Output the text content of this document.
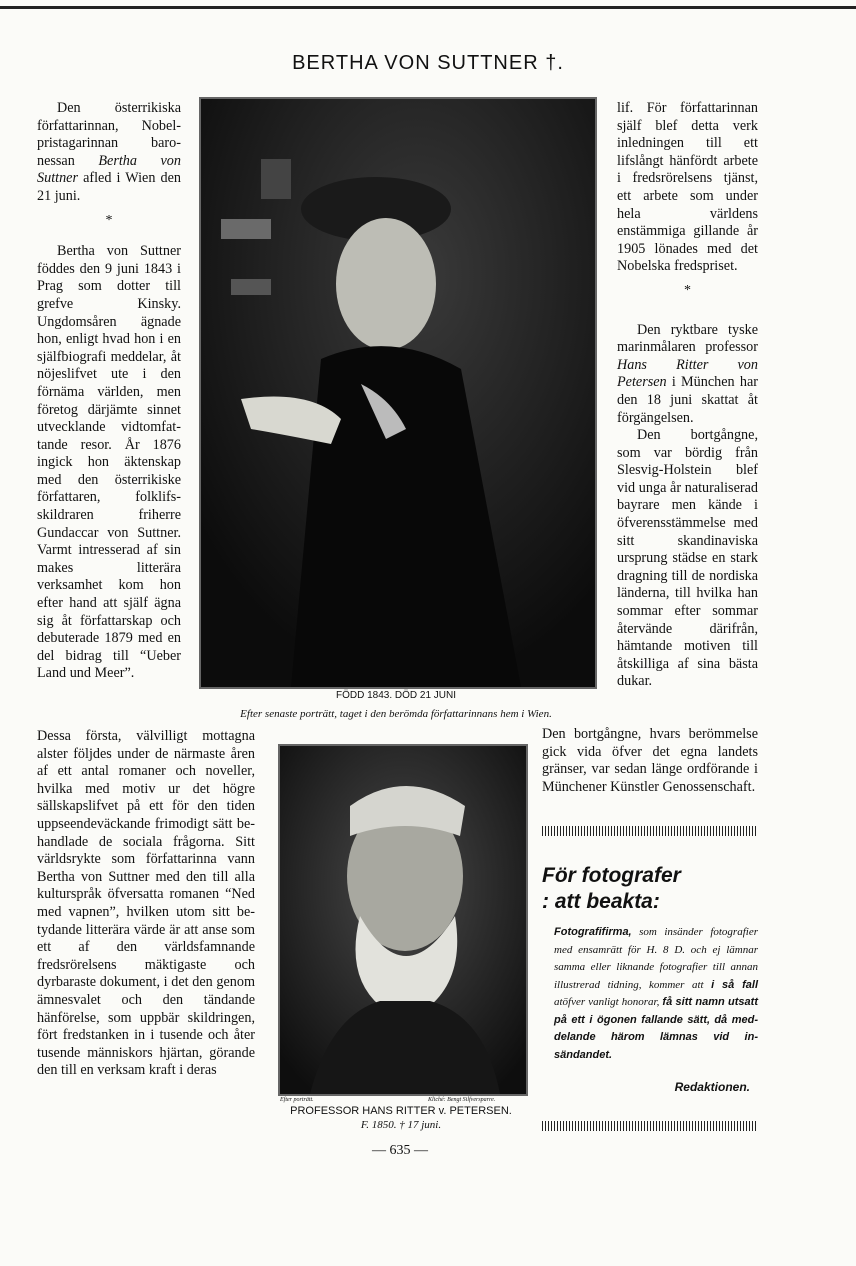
BERTHA VON SUTTNER †.

Den österrikiska författarinnan, Nobelpristagarinnan baronessan Bertha von Suttner afled i Wien den 21 juni.

*

Bertha von Suttner föddes den 9 juni 1843 i Prag som dotter till grefve Kinsky. Ungdomsåren ägnade hon, enligt hvad hon i en själfbiografi meddelar, åt nöjeslifvet ute i den förnäma världen, men företog därjämte sinnet utvecklande vidtomfattande resor. År 1876 ingick hon äktenskap med den österrikiske författaren, folklifsskildraren friherre Gundaccar von Suttner. Varmt intresserad af sin makes litterära verksamhet kom hon efter hand att själf ägna sig åt författarskap och debuterade 1879 med en del bidrag till “Ueber Land und Meer”.

FÖDD 1843. DÖD 21 JUNI
Efter senaste porträtt, taget i den berömda författarinnans hem i Wien.

lif. För författarinnan själf blef detta verk inledningen till ett lifslångt hänfördt arbete i fredsrörelsens tjänst, ett arbete som under hela världens enstämmiga gillande år 1905 lönades med det Nobelska fredspriset.

*

Den ryktbare tyske marinmålaren professor Hans Ritter von Petersen i München har den 18 juni skattat åt förgängelsen.

Den bortgångne, som var bördig från Slesvig-Holstein blef vid unga år naturaliserad bayrare men kände i öfverensstämmelse med sitt skandinaviska ursprung städse en stark dragning till de nordiska länderna, till hvilka han sommar efter sommar återvände därifrån, hämtande motiven till åtskilliga af sina bästa dukar.

Dessa första, välvilligt mottagna alster följdes under de närmaste åren af ett antal romaner och noveller, hvilka med motiv ur det högre sällskapslifvet på ett för den tiden uppseendeväckande frimodigt sätt behandlade de sociala frågorna. Sitt världsrykte som författarinna vann Bertha von Suttner med den till alla kulturspråk öfversatta romanen “Ned med vapnen”, hvilken utom sitt betydande litterära värde är att anse som ett af den världsfamnande fredsrörelsens mäktigaste och dyrbaraste dokument, i det den genom ämnesvalet och den tändande hänförelse, som uppbär skildringen, fört fredstanken in i tusende och åter tusende människors hjärtan, görande den till en verksam kraft i deras

Efter porträtt.	Kliché: Bengt Silfversparre.
PROFESSOR HANS RITTER v. PETERSEN.
F. 1850. † 17 juni.

Den bortgångne, hvars berömmelse gick vida öfver det egna landets gränser, var sedan länge ordförande i Münchener Künstler Genossenschaft.

För fotografer
: att beakta:
Fotografifirma, som insänder fotografier med ensamrätt för H. 8 D. och ej lämnar samma eller liknande fotografier till annan illustrerad tidning, kommer att i så fall atöfver vanligt honorar, få sitt namn utsatt på ett i ögonen fallande sätt, då meddelande härom lämnas vid insändandet.
Redaktionen.
— 635 —
